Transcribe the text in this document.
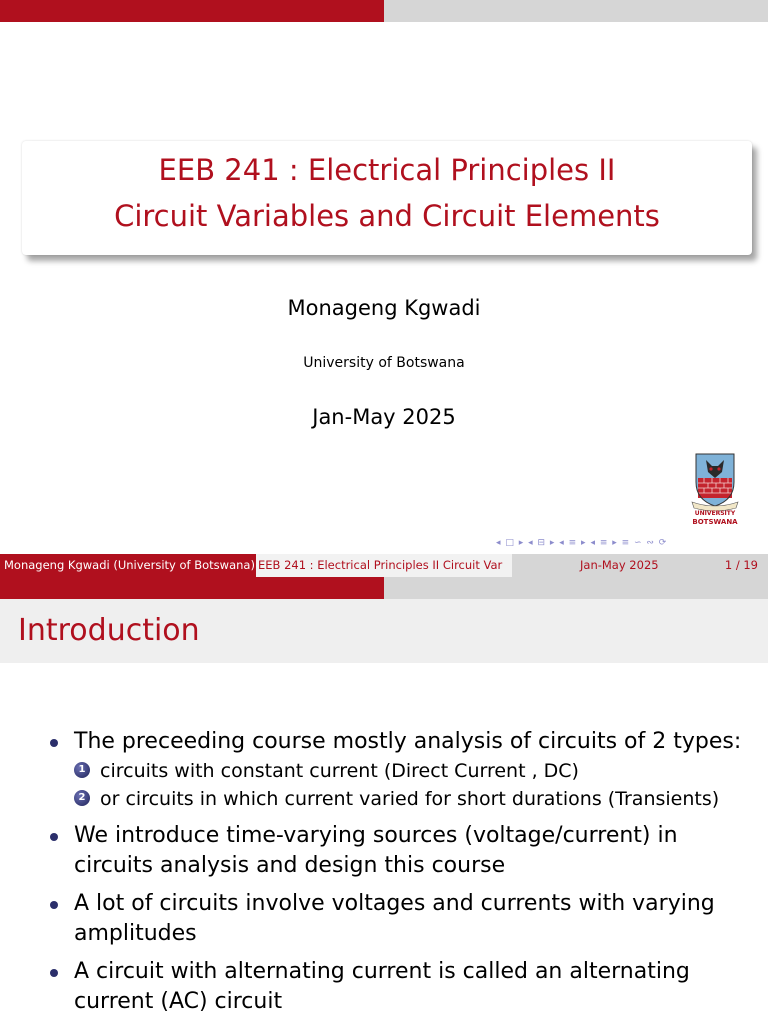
EEB 241 : Electrical Principles II
Circuit Variables and Circuit Elements
Monageng Kgwadi
University of Botswana
Jan-May 2025
UNIVERSITY
BOTSWANA
◂ □ ▸ ◂ ⊟ ▸ ◂ ≡ ▸ ◂ ≡ ▸ ≡ ∽ ∾ ⟳
Monageng Kgwadi (University of Botswana) EEB 241 : Electrical Principles II Circuit Var	Jan-May 2025	1 / 19
Introduction
The preceeding course mostly analysis of circuits of 2 types:
1 circuits with constant current (Direct Current , DC)
2 or circuits in which current varied for short durations (Transients)
We introduce time-varying sources (voltage/current) in circuits analysis and design this course
A lot of circuits involve voltages and currents with varying amplitudes
A circuit with alternating current is called an alternating current (AC) circuit
